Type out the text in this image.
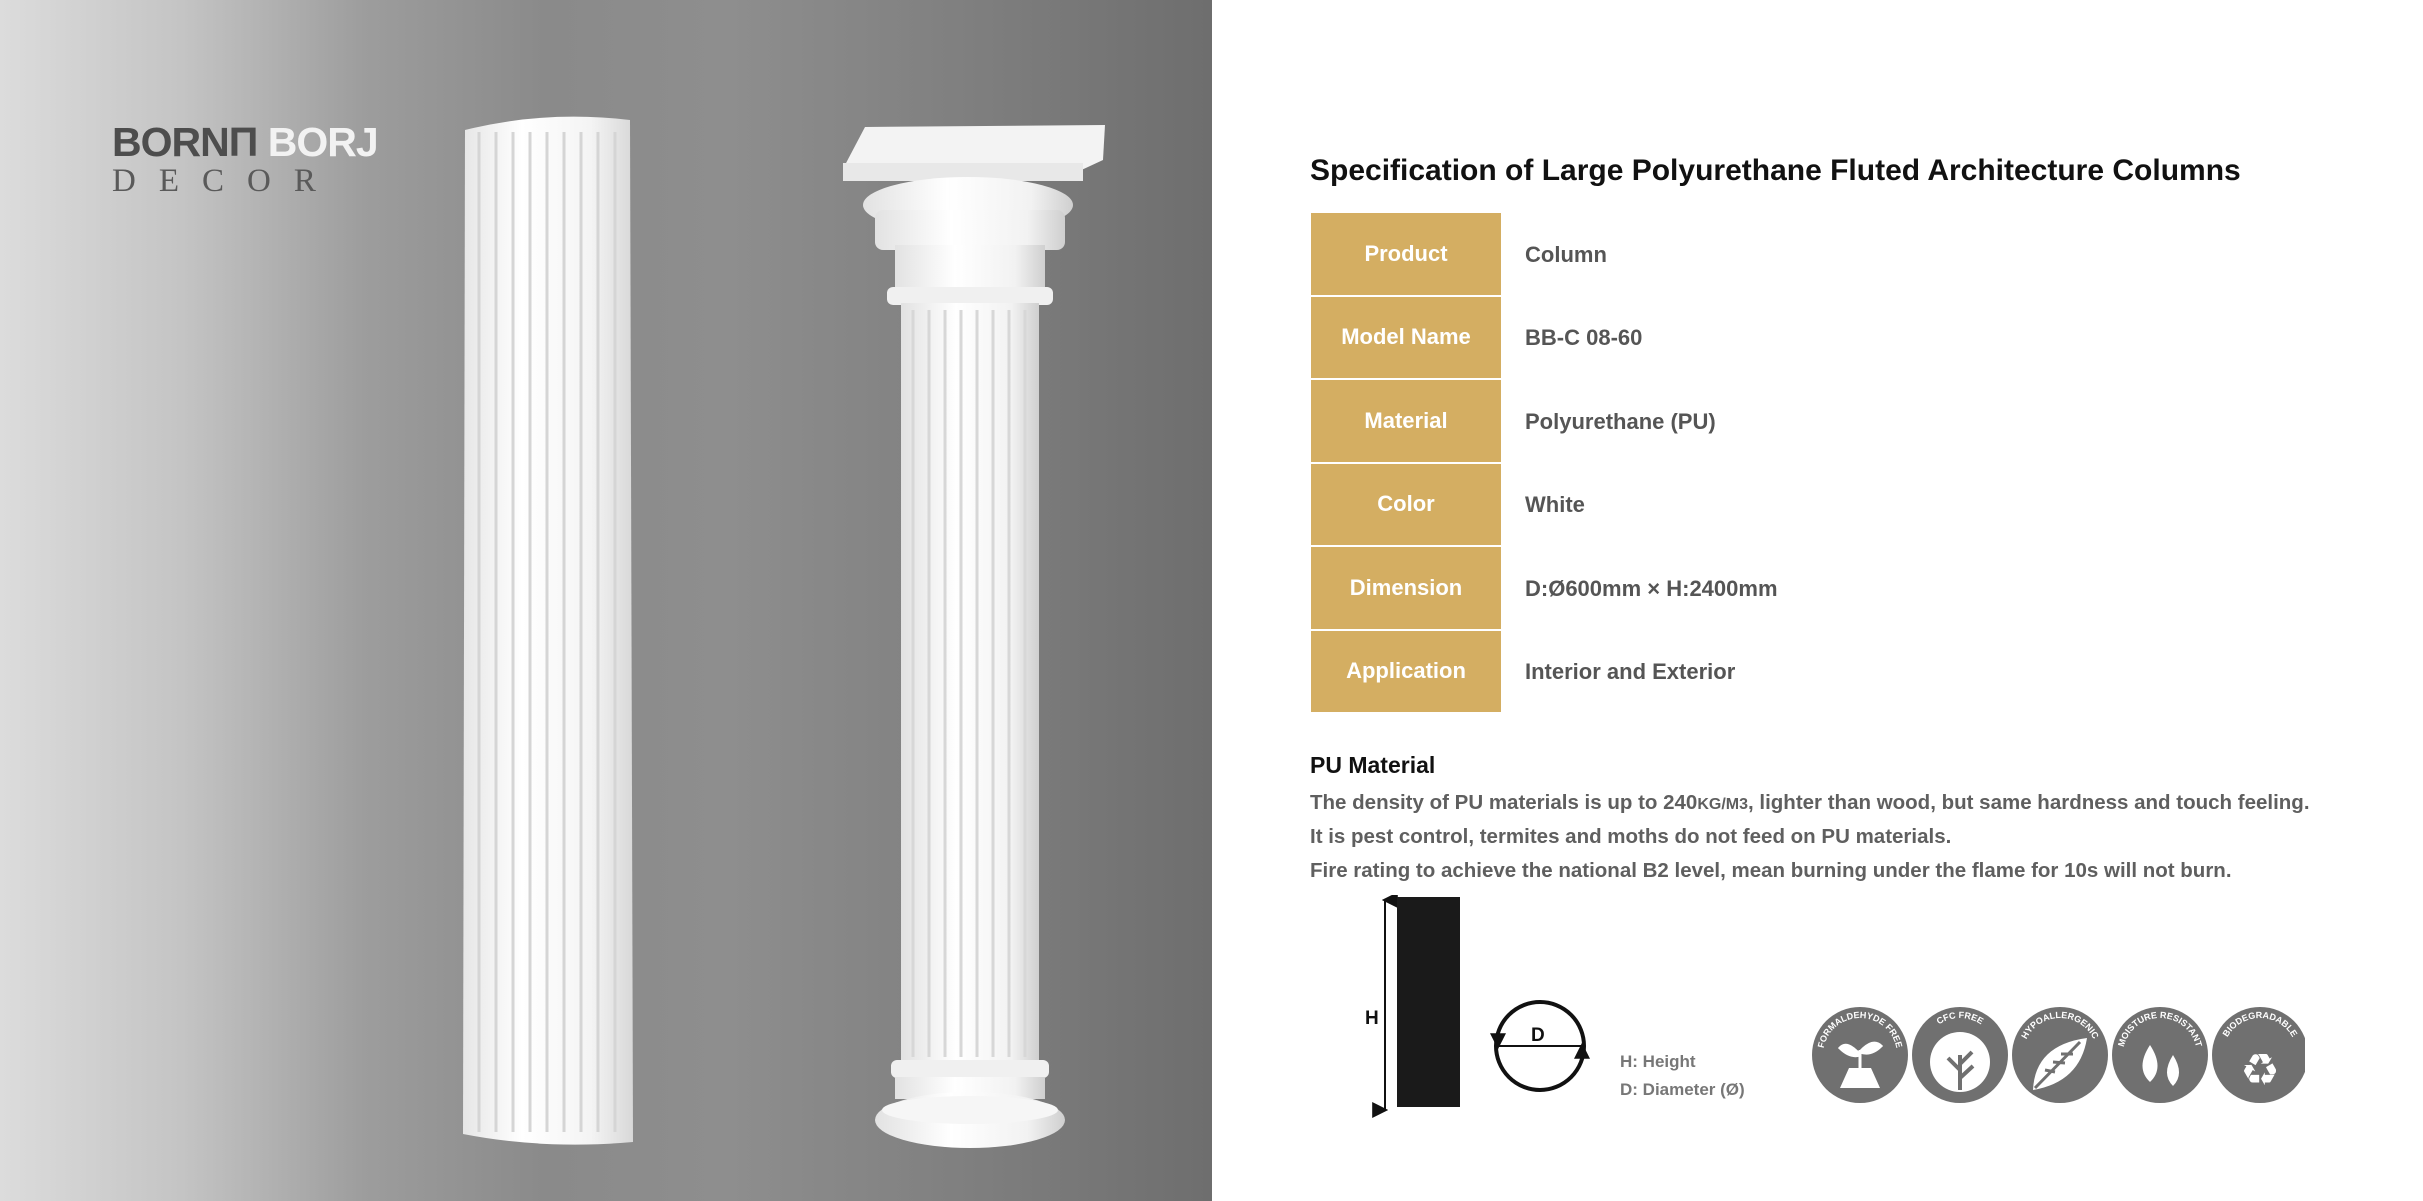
BORNΠ BORJ
DECOR	Specification of Large Polyurethane Fluted Architecture Columns
Product	Column
Model Name	BB-C 08-60
Material	Polyurethane (PU)
Color	White
Dimension	D:Ø600mm × H:2400mm
Application	Interior and Exterior
PU Material
The density of PU materials is up to 240KG/M3, lighter than wood, but same hardness and touch feeling.
It is pest control, termites and moths do not feed on PU materials.
Fire rating to achieve the national B2 level, mean burning under the flame for 10s will not burn.
H
D
H: Height
D: Diameter (Ø)
FORMALDEHYDE FREE
CFC FREE
HYPOALLERGENIC
MOISTURE RESISTANT
BIODEGRADABLE
♻
